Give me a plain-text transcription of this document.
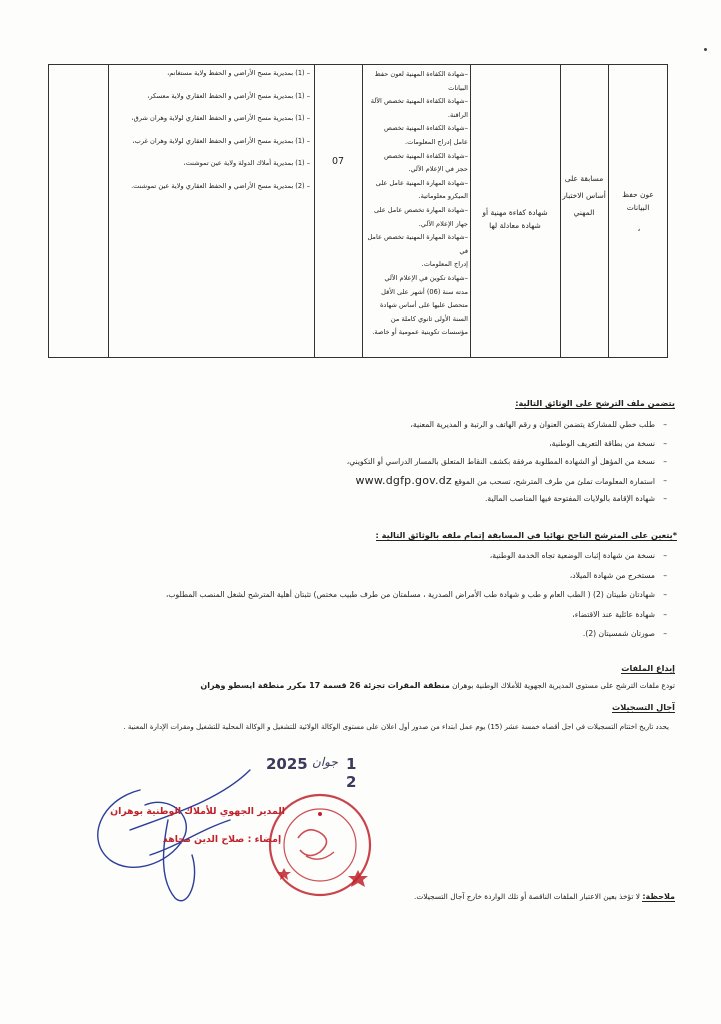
عون حفظ البيانات
،
مسابقة على أساس الاختبار المهني
شهادة كفاءة مهنية أو شهادة معادلة لها
–شهادة الكفاءة المهنية لعون حفظ
البيانات
–شهادة الكفاءة المهنية تخصص الآلة
الراقنة.
–شهادة الكفاءة المهنية تخصص
عامل إدراج المعلومات.
–شهادة الكفاءة المهنية تخصص
حجز في الإعلام الآلي.
–شهادة المهارة المهنية عامل على
الميكرو معلوماتية.
–شهادة المهارة تخصص عامل على
جهاز الإعلام الآلي.
–شهادة المهارة المهنية تخصص عامل في
إدراج المعلومات.
–شهادة تكوين في الإعلام الآلي
مدته سنة (06) أشهر على الأقل
متحصل عليها على أساس شهادة
السنة الأولى ثانوي كاملة من
مؤسسات تكوينية عمومية أو خاصة.
07
– (1) بمديرية مسح الأراضي و الحفظ ولاية مستغانم،
– (1) بمديرية مسح الأراضي و الحفظ العقاري ولاية معسكر،
– (1) بمديرية مسح الأراضي و الحفظ العقاري لولاية وهران شرق،
– (1) بمديرية مسح الأراضي و الحفظ العقاري لولاية وهران غرب،
– (1) بمديرية أملاك الدولة ولاية عين تموشنت،
– (2) بمديرية مسح الأراضي و الحفظ العقاري ولاية عين تموشنت.
يتضمن ملف الترشح على الوثائق التالية:
– طلب خطي للمشاركة يتضمن العنوان و رقم الهاتف و الرتبة و المديرية المعنية،
– نسخة من بطاقة التعريف الوطنية،
– نسخة من المؤهل أو الشهادة المطلوبة مرفقة بكشف النقاط المتعلق بالمسار الدراسي أو التكويني،
– استمارة المعلومات تملئ من طرف المترشح، تسحب من الموقع www.dgfp.gov.dz
– شهادة الإقامة بالولايات المفتوحة فيها المناصب المالية.
*يتعين على المترشح الناجح نهائيا في المسابقة إتمام ملفه بالوثائق التالية :
– نسخة من شهادة إثبات الوضعية تجاه الخدمة الوطنية،
– مستخرج من شهادة الميلاد،
– شهادتان طبيتان (2) ( الطب العام و طب و شهادة طب الأمراض الصدرية ، مسلمتان من طرف طبيب مختص) تثبتان أهلية المترشح لشغل المنصب المطلوب،
– شهادة عائلية عند الاقتضاء،
– صورتان شمسيتان (2).
إيداع الملفات
تودع ملفات الترشح على مستوى المديرية الجهوية للأملاك الوطنية بوهران منطقة المقرات تجزئة 26 قسمة 17 مكرر منطقة ايسطو وهران
آجال التسجيلات
يحدد تاريخ اختتام التسجيلات في اجل أقصاه خمسة عشر (15) يوم عمل ابتداء من صدور أول اعلان على مستوى الوكالة الولائية للتشغيل و الوكالة المحلية للتشغيل ومقرات الإدارة المعنية .
2025 جوان 1 2
المدير الجهوي للأملاك الوطنية بوهران
إمضاء : صلاح الدين مجاهد
ملاحظة: لا تؤخذ بعين الاعتبار الملفات الناقصة أو تلك الواردة خارج آجال التسجيلات.
